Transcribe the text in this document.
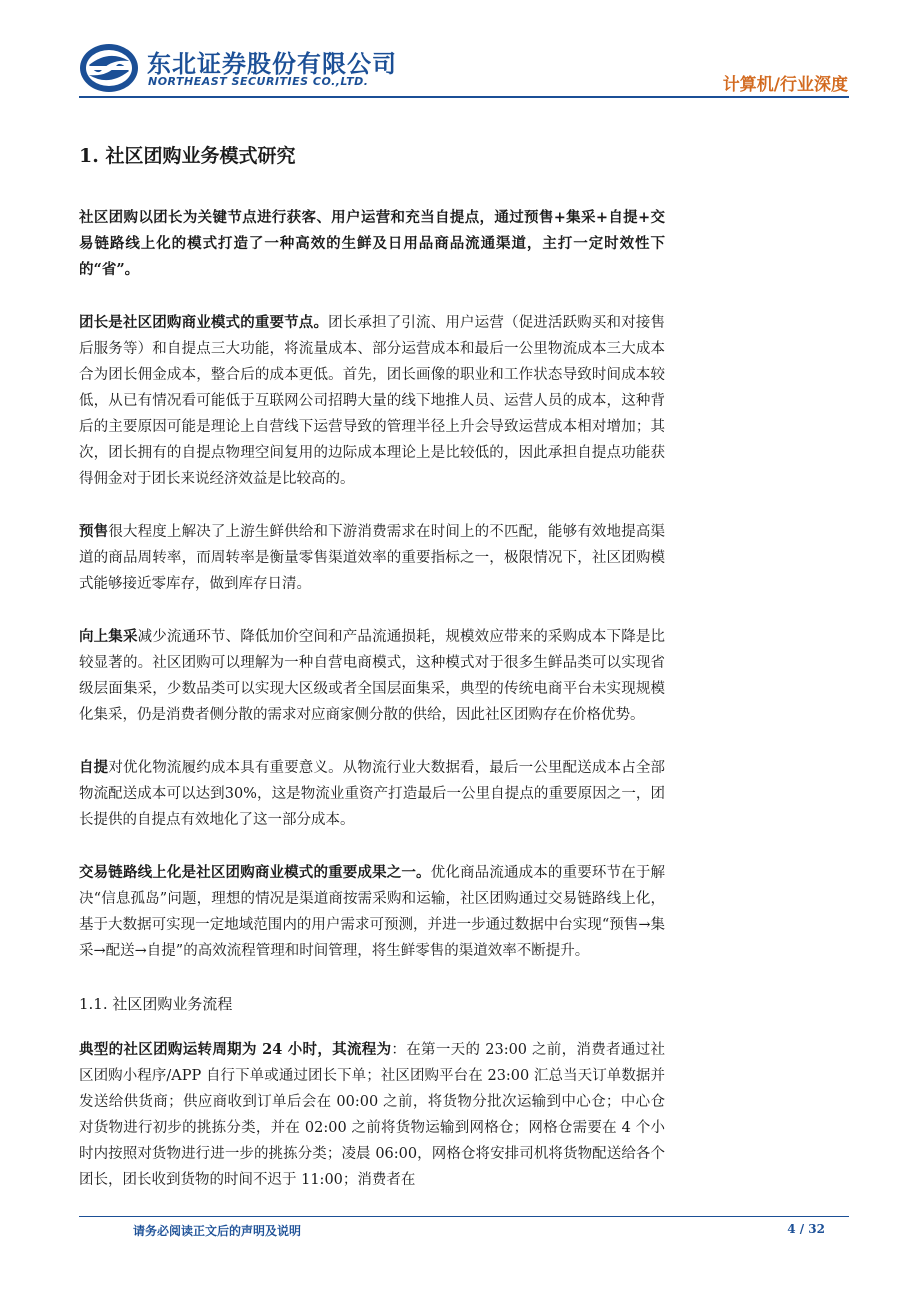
东北证券股份有限公司
NORTHEAST SECURITIES CO.,LTD.	计算机/行业深度
1. 社区团购业务模式研究

社区团购以团长为关键节点进行获客、用户运营和充当自提点，通过预售+集采+自提+交易链路线上化的模式打造了一种高效的生鲜及日用品商品流通渠道，主打一定时效性下的“省”。

团长是社区团购商业模式的重要节点。团长承担了引流、用户运营（促进活跃购买和对接售后服务等）和自提点三大功能，将流量成本、部分运营成本和最后一公里物流成本三大成本合为团长佣金成本，整合后的成本更低。首先，团长画像的职业和工作状态导致时间成本较低，从已有情况看可能低于互联网公司招聘大量的线下地推人员、运营人员的成本，这种背后的主要原因可能是理论上自营线下运营导致的管理半径上升会导致运营成本相对增加；其次，团长拥有的自提点物理空间复用的边际成本理论上是比较低的，因此承担自提点功能获得佣金对于团长来说经济效益是比较高的。

预售很大程度上解决了上游生鲜供给和下游消费需求在时间上的不匹配，能够有效地提高渠道的商品周转率，而周转率是衡量零售渠道效率的重要指标之一，极限情况下，社区团购模式能够接近零库存，做到库存日清。

向上集采减少流通环节、降低加价空间和产品流通损耗，规模效应带来的采购成本下降是比较显著的。社区团购可以理解为一种自营电商模式，这种模式对于很多生鲜品类可以实现省级层面集采，少数品类可以实现大区级或者全国层面集采，典型的传统电商平台未实现规模化集采，仍是消费者侧分散的需求对应商家侧分散的供给，因此社区团购存在价格优势。

自提对优化物流履约成本具有重要意义。从物流行业大数据看，最后一公里配送成本占全部物流配送成本可以达到30%，这是物流业重资产打造最后一公里自提点的重要原因之一，团长提供的自提点有效地化了这一部分成本。

交易链路线上化是社区团购商业模式的重要成果之一。优化商品流通成本的重要环节在于解决“信息孤岛”问题，理想的情况是渠道商按需采购和运输，社区团购通过交易链路线上化，基于大数据可实现一定地域范围内的用户需求可预测，并进一步通过数据中台实现“预售→集采→配送→自提”的高效流程管理和时间管理，将生鲜零售的渠道效率不断提升。

1.1. 社区团购业务流程

典型的社区团购运转周期为 24 小时，其流程为：在第一天的 23:00 之前，消费者通过社区团购小程序/APP 自行下单或通过团长下单；社区团购平台在 23:00 汇总当天订单数据并发送给供货商；供应商收到订单后会在 00:00 之前，将货物分批次运输到中心仓；中心仓对货物进行初步的挑拣分类，并在 02:00 之前将货物运输到网格仓；网格仓需要在 4 个小时内按照对货物进行进一步的挑拣分类；凌晨 06:00，网格仓将安排司机将货物配送给各个团长，团长收到货物的时间不迟于 11:00；消费者在

请务必阅读正文后的声明及说明	4 / 32
